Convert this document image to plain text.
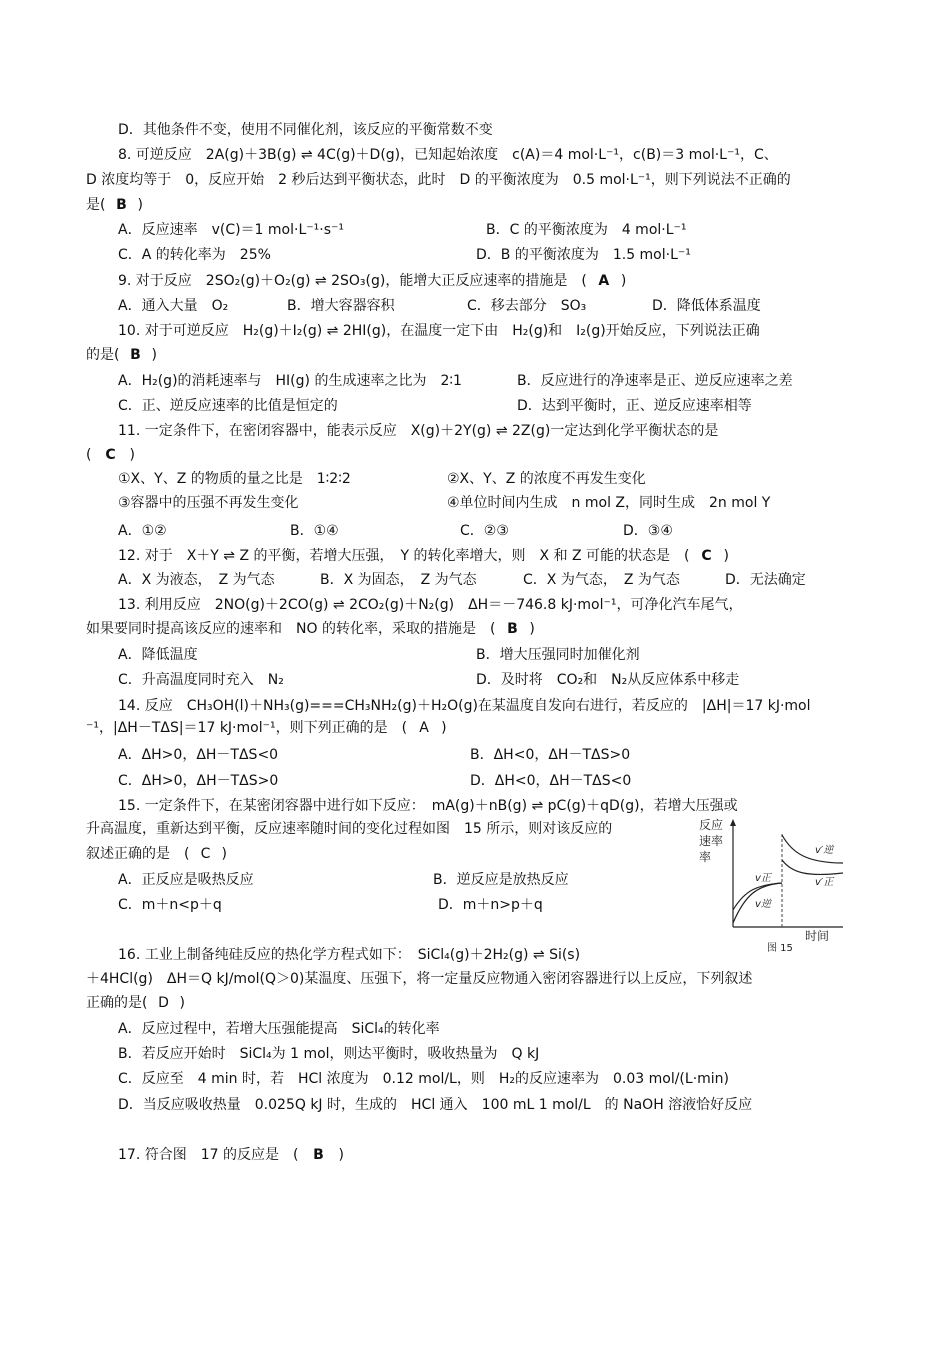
D．其他条件不变，使用不同催化剂，该反应的平衡常数不变
8. 可逆反应　2A(g)＋3B(g) ⇌ 4C(g)＋D(g)，已知起始浓度　c(A)＝4 mol·L⁻¹，c(B)＝3 mol·L⁻¹，C、
D 浓度均等于　0，反应开始　2 秒后达到平衡状态，此时　D 的平衡浓度为　0.5 mol·L⁻¹，则下列说法不正确的
是( B )
A．反应速率　v(C)＝1 mol·L⁻¹·s⁻¹	B．C 的平衡浓度为　4 mol·L⁻¹
C．A 的转化率为　25%	D．B 的平衡浓度为　1.5 mol·L⁻¹
9. 对于反应　2SO₂(g)＋O₂(g) ⇌ 2SO₃(g)，能增大正反应速率的措施是　( A )
A．通入大量　O₂	B．增大容器容积	C．移去部分　SO₃	D．降低体系温度
10. 对于可逆反应　H₂(g)＋I₂(g) ⇌ 2HI(g)，在温度一定下由　H₂(g)和　I₂(g)开始反应，下列说法正确
的是( B )
A．H₂(g)的消耗速率与　HI(g) 的生成速率之比为　2∶1	B．反应进行的净速率是正、逆反应速率之差
C．正、逆反应速率的比值是恒定的	D．达到平衡时，正、逆反应速率相等
11. 一定条件下，在密闭容器中，能表示反应　X(g)＋2Y(g) ⇌ 2Z(g)一定达到化学平衡状态的是
( C )
①X、Y、Z 的物质的量之比是　1∶2∶2	②X、Y、Z 的浓度不再发生变化
③容器中的压强不再发生变化	④单位时间内生成　n mol Z，同时生成　2n mol Y
A．①②	B．①④	C．②③	D．③④
12. 对于　X＋Y ⇌ Z 的平衡，若增大压强，　Y 的转化率增大，则　X 和 Z 可能的状态是　( C )
A．X 为液态，　Z 为气态	B．X 为固态，　Z 为气态	C．X 为气态，　Z 为气态	D．无法确定
13. 利用反应　2NO(g)＋2CO(g) ⇌ 2CO₂(g)＋N₂(g)　ΔH＝－746.8 kJ·mol⁻¹，可净化汽车尾气，
如果要同时提高该反应的速率和　NO 的转化率，采取的措施是　( B )
A．降低温度	B．增大压强同时加催化剂
C．升高温度同时充入　N₂	D．及时将　CO₂和　N₂从反应体系中移走
14. 反应　CH₃OH(l)＋NH₃(g)===CH₃NH₂(g)＋H₂O(g)在某温度自发向右进行，若反应的　|ΔH|＝17 kJ·mol
⁻¹，|ΔH－TΔS|＝17 kJ·mol⁻¹，则下列正确的是　( A )
A．ΔH>0，ΔH－TΔS<0	B．ΔH<0，ΔH－TΔS>0
C．ΔH>0，ΔH－TΔS>0	D．ΔH<0，ΔH－TΔS<0
15. 一定条件下，在某密闭容器中进行如下反应：　mA(g)＋nB(g) ⇌ pC(g)＋qD(g)，若增大压强或
升高温度，重新达到平衡，反应速率随时间的变化过程如图　15 所示，则对该反应的
叙述正确的是　( C )
A．正反应是吸热反应	B．逆反应是放热反应
C．m＋n<p＋q	D．m＋n>p＋q
反应
速率
率
时间
图 15
v正
v逆
v′逆
v′正
16. 工业上制备纯硅反应的热化学方程式如下：　SiCl₄(g)＋2H₂(g) ⇌ Si(s)
＋4HCl(g)　ΔH＝Q kJ/mol(Q＞0)某温度、压强下，将一定量反应物通入密闭容器进行以上反应，下列叙述
正确的是( D )
A．反应过程中，若增大压强能提高　SiCl₄的转化率
B．若反应开始时　SiCl₄为 1 mol，则达平衡时，吸收热量为　Q kJ
C．反应至　4 min 时，若　HCl 浓度为　0.12 mol/L，则　H₂的反应速率为　0.03 mol/(L·min)
D．当反应吸收热量　0.025Q kJ 时，生成的　HCl 通入　100 mL 1 mol/L　的 NaOH 溶液恰好反应
17. 符合图　17 的反应是　( B )
